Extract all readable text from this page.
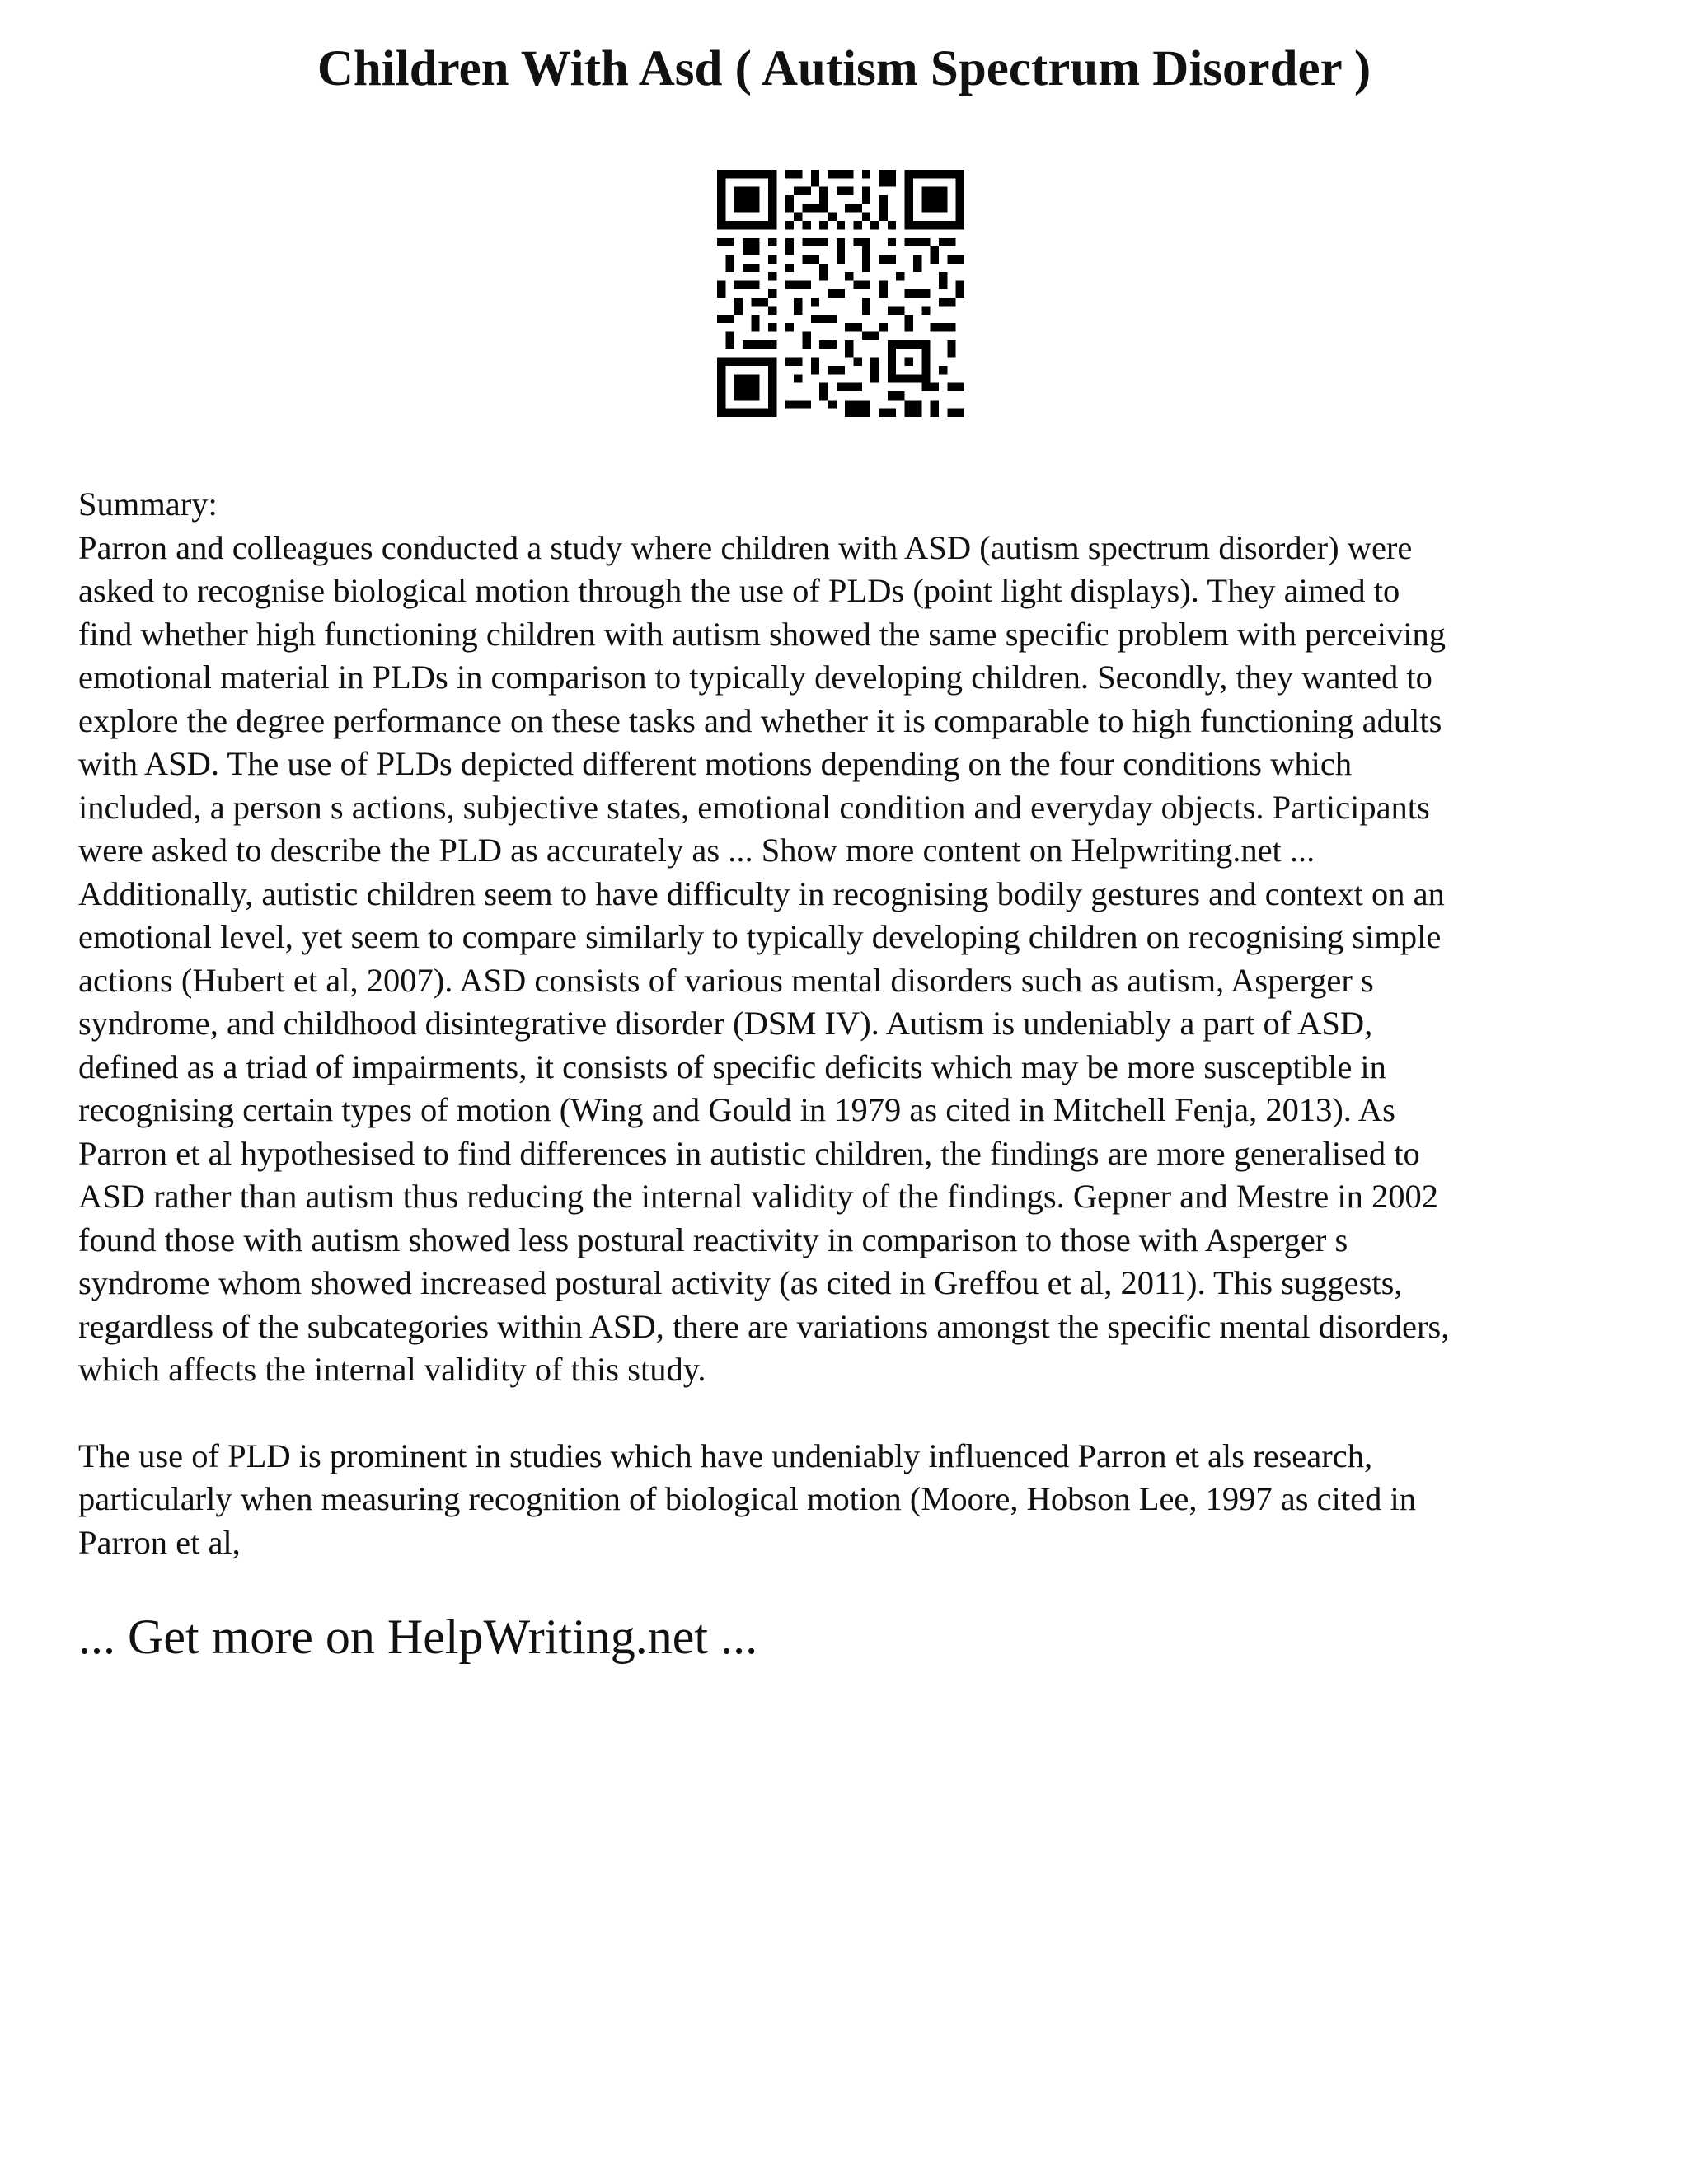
Children With Asd ( Autism Spectrum Disorder )

Summary:

Parron and colleagues conducted a study where children with ASD (autism spectrum disorder) were
asked to recognise biological motion through the use of PLDs (point light displays). They aimed to
find whether high functioning children with autism showed the same specific problem with perceiving
emotional material in PLDs in comparison to typically developing children. Secondly, they wanted to
explore the degree performance on these tasks and whether it is comparable to high functioning adults
with ASD. The use of PLDs depicted different motions depending on the four conditions which
included, a person s actions, subjective states, emotional condition and everyday objects. Participants
were asked to describe the PLD as accurately as ... Show more content on Helpwriting.net ...
Additionally, autistic children seem to have difficulty in recognising bodily gestures and context on an
emotional level, yet seem to compare similarly to typically developing children on recognising simple
actions (Hubert et al, 2007). ASD consists of various mental disorders such as autism, Asperger s
syndrome, and childhood disintegrative disorder (DSM IV). Autism is undeniably a part of ASD,
defined as a triad of impairments, it consists of specific deficits which may be more susceptible in
recognising certain types of motion (Wing and Gould in 1979 as cited in Mitchell Fenja, 2013). As
Parron et al hypothesised to find differences in autistic children, the findings are more generalised to
ASD rather than autism thus reducing the internal validity of the findings. Gepner and Mestre in 2002
found those with autism showed less postural reactivity in comparison to those with Asperger s
syndrome whom showed increased postural activity (as cited in Greffou et al, 2011). This suggests,
regardless of the subcategories within ASD, there are variations amongst the specific mental disorders,
which affects the internal validity of this study.

The use of PLD is prominent in studies which have undeniably influenced Parron et als research,
particularly when measuring recognition of biological motion (Moore, Hobson Lee, 1997 as cited in
Parron et al,

... Get more on HelpWriting.net ...
